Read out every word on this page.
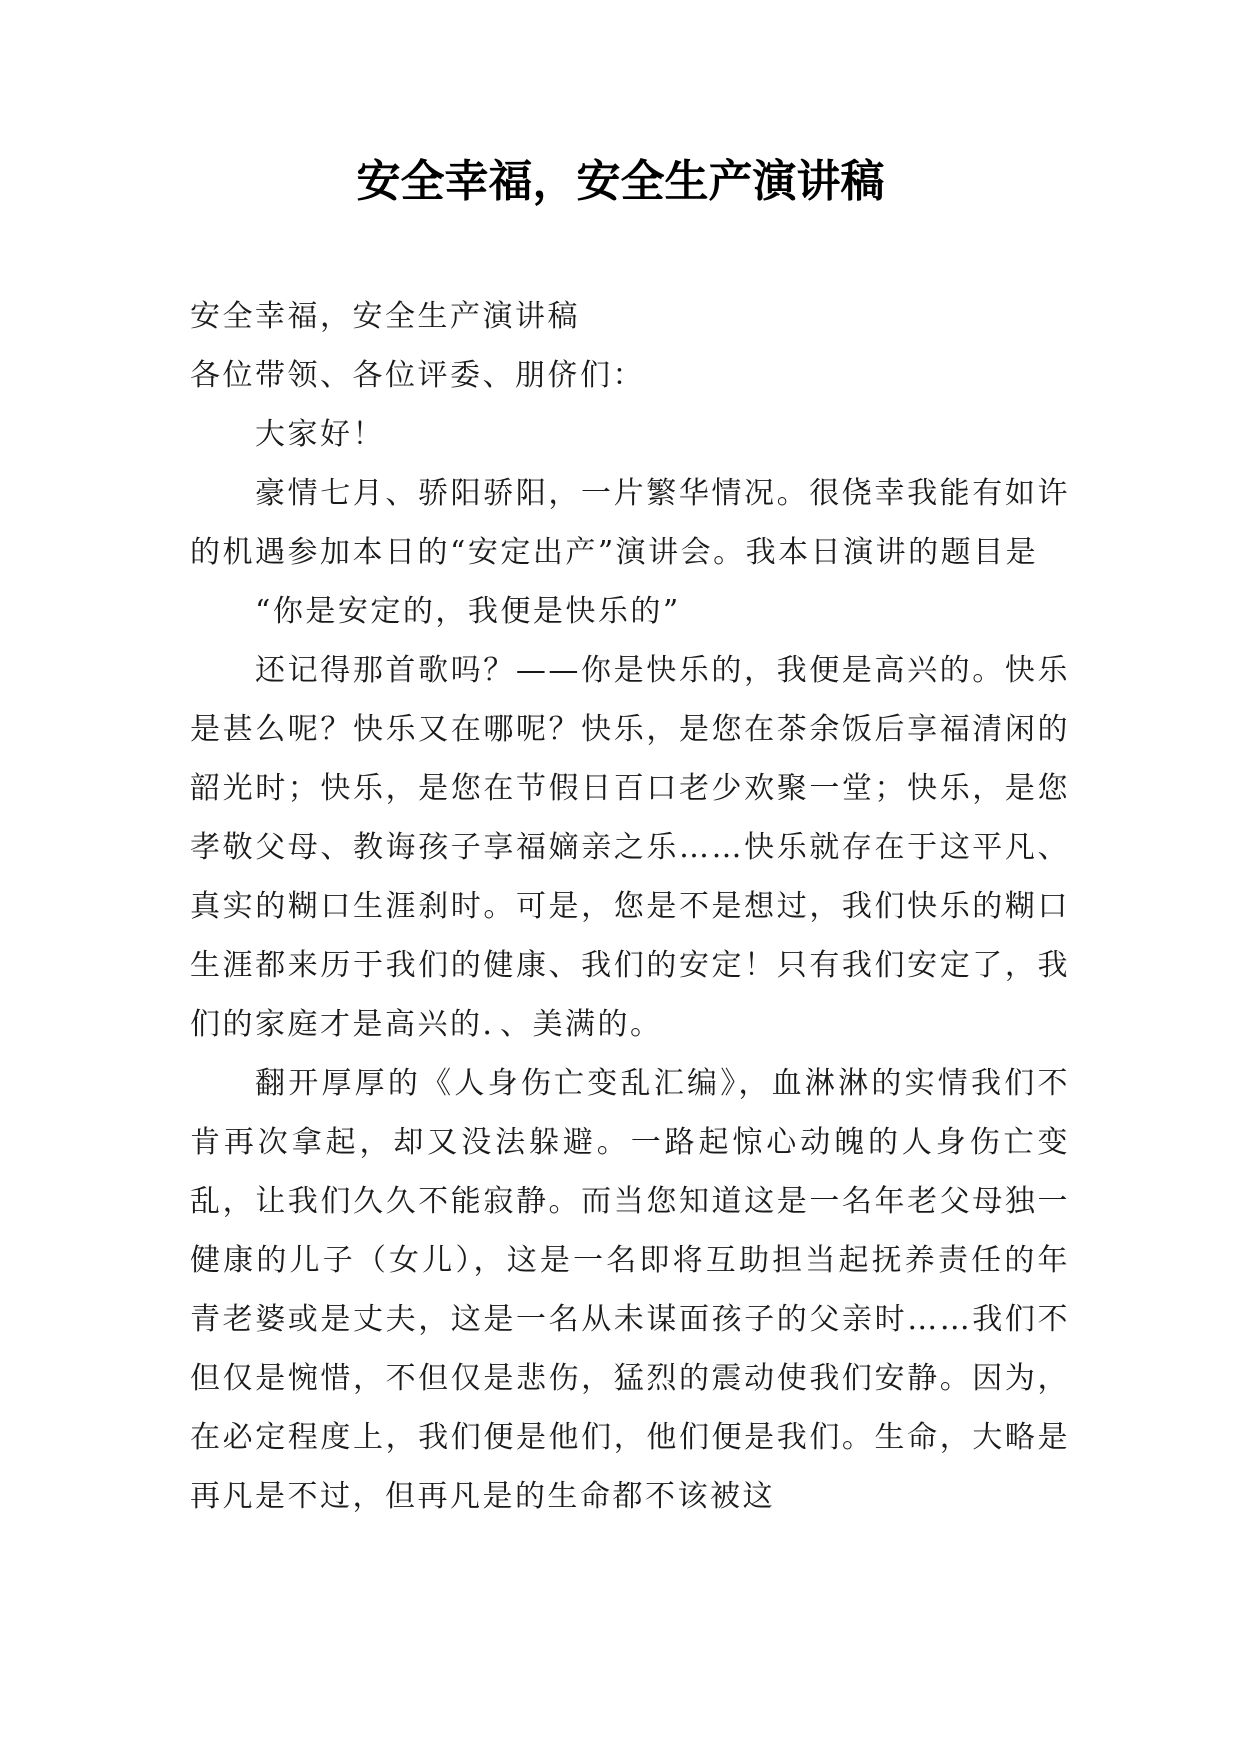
安全幸福，安全生产演讲稿

安全幸福，安全生产演讲稿

各位带领、各位评委、朋侪们：

大家好！

豪情七月、骄阳骄阳，一片繁华情况。很侥幸我能有如许的机遇参加本日的“安定出产”演讲会。我本日演讲的题目是

“你是安定的，我便是快乐的”

还记得那首歌吗？——你是快乐的，我便是高兴的。快乐是甚么呢？快乐又在哪呢？快乐，是您在茶余饭后享福清闲的韶光时；快乐，是您在节假日百口老少欢聚一堂；快乐，是您孝敬父母、教诲孩子享福嫡亲之乐……快乐就存在于这平凡、真实的糊口生涯刹时。可是，您是不是想过，我们快乐的糊口生涯都来历于我们的健康、我们的安定！只有我们安定了，我们的家庭才是高兴的．、美满的。

翻开厚厚的《人身伤亡变乱汇编》，血淋淋的实情我们不肯再次拿起，却又没法躲避。一路起惊心动魄的人身伤亡变乱，让我们久久不能寂静。而当您知道这是一名年老父母独一健康的儿子（女儿），这是一名即将互助担当起抚养责任的年青老婆或是丈夫，这是一名从未谋面孩子的父亲时……我们不但仅是惋惜，不但仅是悲伤，猛烈的震动使我们安静。因为，在必定程度上，我们便是他们，他们便是我们。生命，大略是再凡是不过，但再凡是的生命都不该被这
